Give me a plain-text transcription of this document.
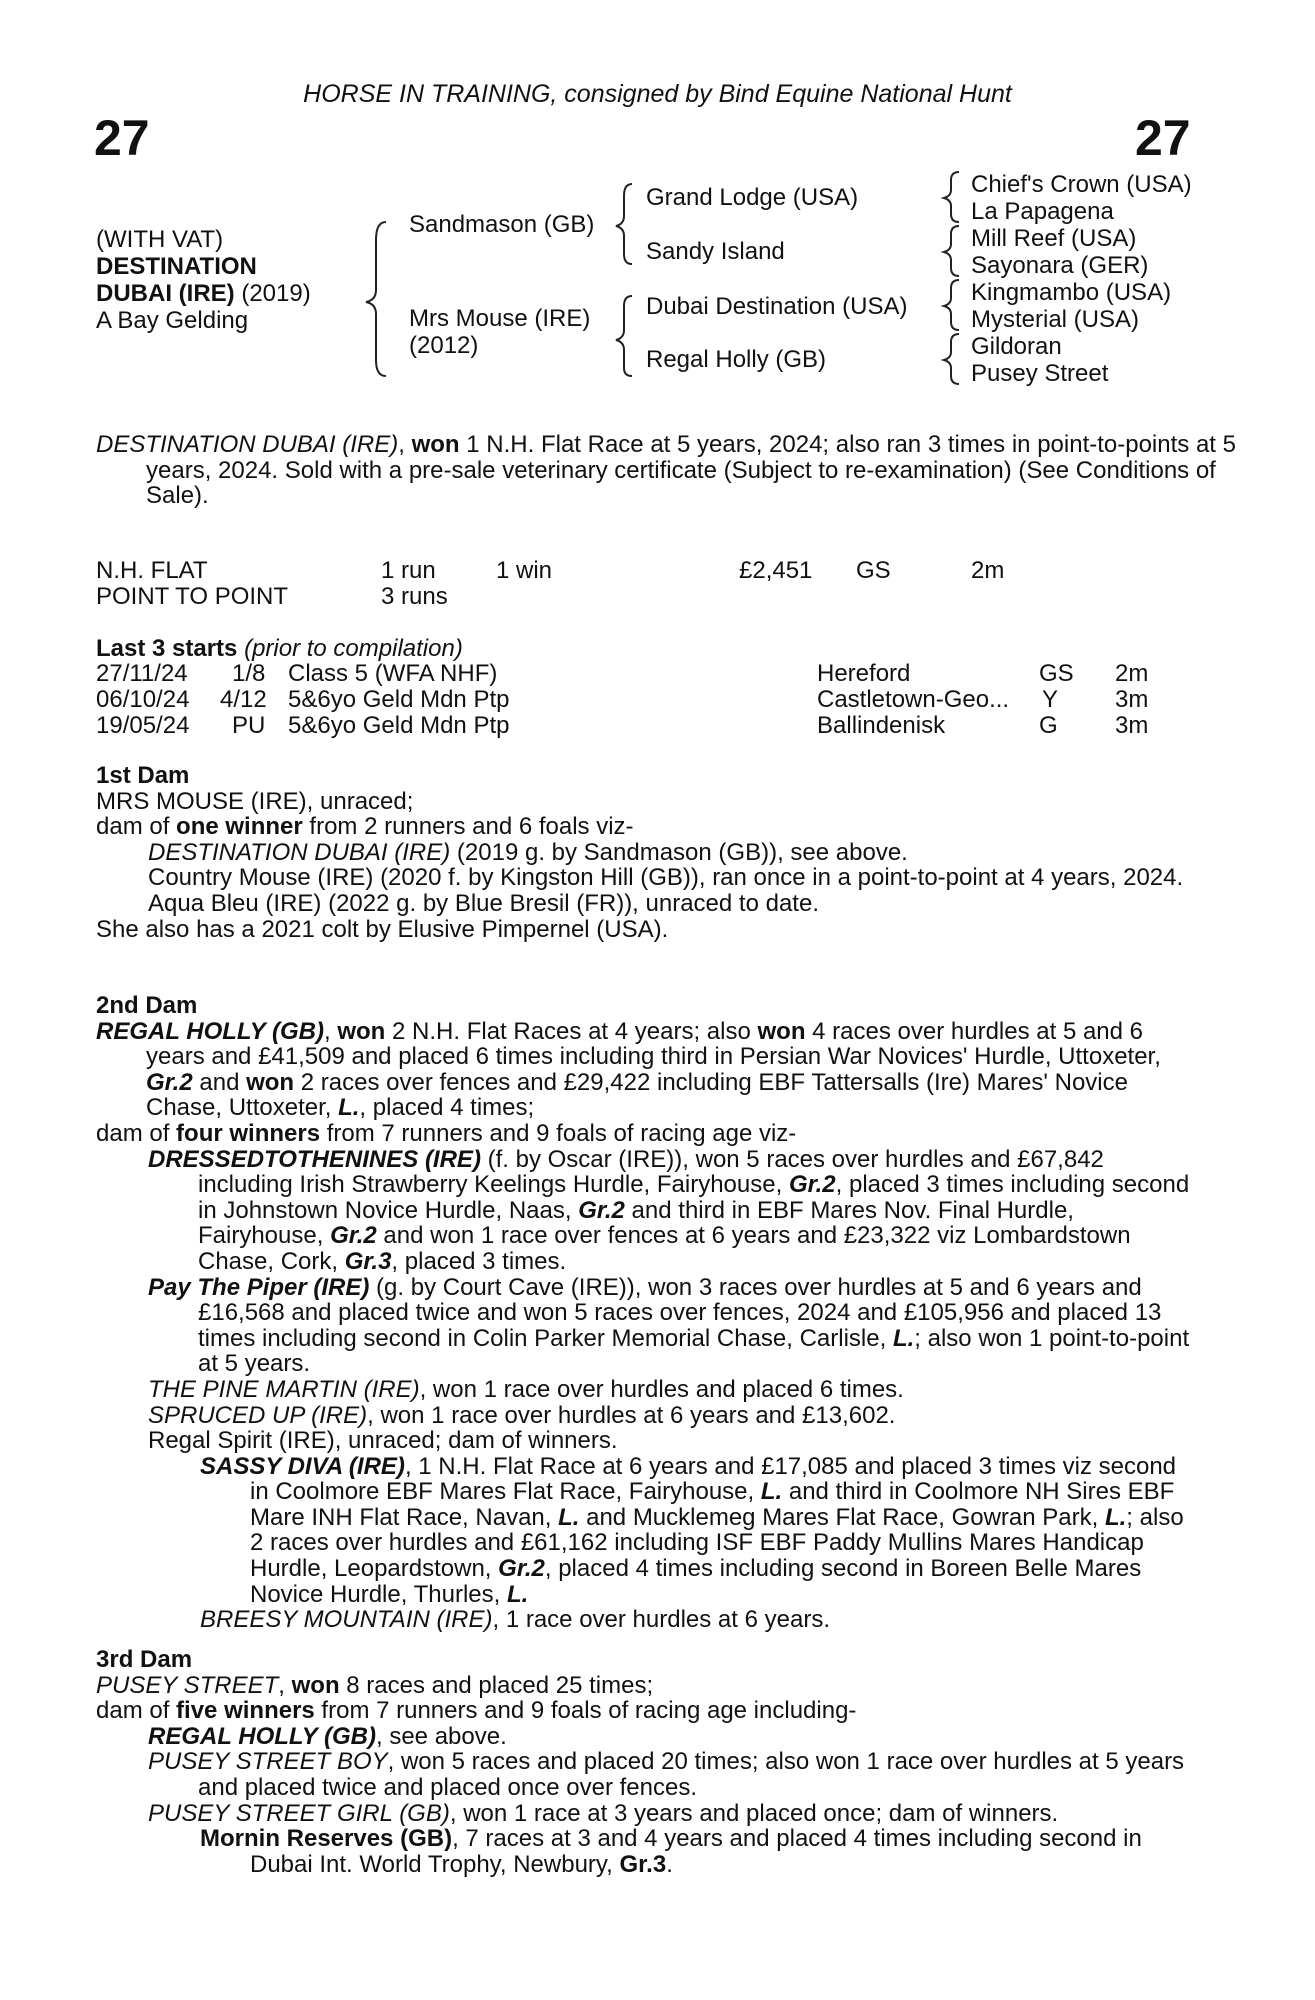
HORSE IN TRAINING, consigned by Bind Equine National Hunt
27	27
(WITH VAT)
DESTINATION
DUBAI (IRE) (2019)
A Bay Gelding
Sandmason (GB)
Mrs Mouse (IRE)
(2012)
Grand Lodge (USA)
Sandy Island
Dubai Destination (USA)
Regal Holly (GB)
Chief's Crown (USA)
La Papagena
Mill Reef (USA)
Sayonara (GER)
Kingmambo (USA)
Mysterial (USA)
Gildoran
Pusey Street
DESTINATION DUBAI (IRE), won 1 N.H. Flat Race at 5 years, 2024; also ran 3 times in point-to-points at 5 years, 2024. Sold with a pre-sale veterinary certificate (Subject to re-examination) (See Conditions of Sale).
N.H. FLAT	1 run	1 win	£2,451 GS	2m
POINT TO POINT	3 runs
Last 3 starts (prior to compilation)
27/11/24 1/8 Class 5 (WFA NHF)	Hereford	GS 2m
06/10/24 4/12 5&6yo Geld Mdn Ptp	Castletown-Geo... Y 3m
19/05/24 PU 5&6yo Geld Mdn Ptp	Ballindenisk	G 3m
1st Dam
MRS MOUSE (IRE), unraced;
dam of one winner from 2 runners and 6 foals viz-
DESTINATION DUBAI (IRE) (2019 g. by Sandmason (GB)), see above.
Country Mouse (IRE) (2020 f. by Kingston Hill (GB)), ran once in a point-to-point at 4 years, 2024.
Aqua Bleu (IRE) (2022 g. by Blue Bresil (FR)), unraced to date.
She also has a 2021 colt by Elusive Pimpernel (USA).
2nd Dam
REGAL HOLLY (GB), won 2 N.H. Flat Races at 4 years; also won 4 races over hurdles at 5 and 6 years and £41,509 and placed 6 times including third in Persian War Novices' Hurdle, Uttoxeter, Gr.2 and won 2 races over fences and £29,422 including EBF Tattersalls (Ire) Mares' Novice Chase, Uttoxeter, L., placed 4 times;
dam of four winners from 7 runners and 9 foals of racing age viz-
DRESSEDTOTHENINES (IRE) (f. by Oscar (IRE)), won 5 races over hurdles and £67,842 including Irish Strawberry Keelings Hurdle, Fairyhouse, Gr.2, placed 3 times including second in Johnstown Novice Hurdle, Naas, Gr.2 and third in EBF Mares Nov. Final Hurdle, Fairyhouse, Gr.2 and won 1 race over fences at 6 years and £23,322 viz Lombardstown Chase, Cork, Gr.3, placed 3 times.
Pay The Piper (IRE) (g. by Court Cave (IRE)), won 3 races over hurdles at 5 and 6 years and £16,568 and placed twice and won 5 races over fences, 2024 and £105,956 and placed 13 times including second in Colin Parker Memorial Chase, Carlisle, L.; also won 1 point-to-point at 5 years.
THE PINE MARTIN (IRE), won 1 race over hurdles and placed 6 times.
SPRUCED UP (IRE), won 1 race over hurdles at 6 years and £13,602.
Regal Spirit (IRE), unraced; dam of winners.
SASSY DIVA (IRE), 1 N.H. Flat Race at 6 years and £17,085 and placed 3 times viz second in Coolmore EBF Mares Flat Race, Fairyhouse, L. and third in Coolmore NH Sires EBF Mare INH Flat Race, Navan, L. and Mucklemeg Mares Flat Race, Gowran Park, L.; also 2 races over hurdles and £61,162 including ISF EBF Paddy Mullins Mares Handicap Hurdle, Leopardstown, Gr.2, placed 4 times including second in Boreen Belle Mares Novice Hurdle, Thurles, L.
BREESY MOUNTAIN (IRE), 1 race over hurdles at 6 years.
3rd Dam
PUSEY STREET, won 8 races and placed 25 times;
dam of five winners from 7 runners and 9 foals of racing age including-
REGAL HOLLY (GB), see above.
PUSEY STREET BOY, won 5 races and placed 20 times; also won 1 race over hurdles at 5 years and placed twice and placed once over fences.
PUSEY STREET GIRL (GB), won 1 race at 3 years and placed once; dam of winners.
Mornin Reserves (GB), 7 races at 3 and 4 years and placed 4 times including second in Dubai Int. World Trophy, Newbury, Gr.3.
